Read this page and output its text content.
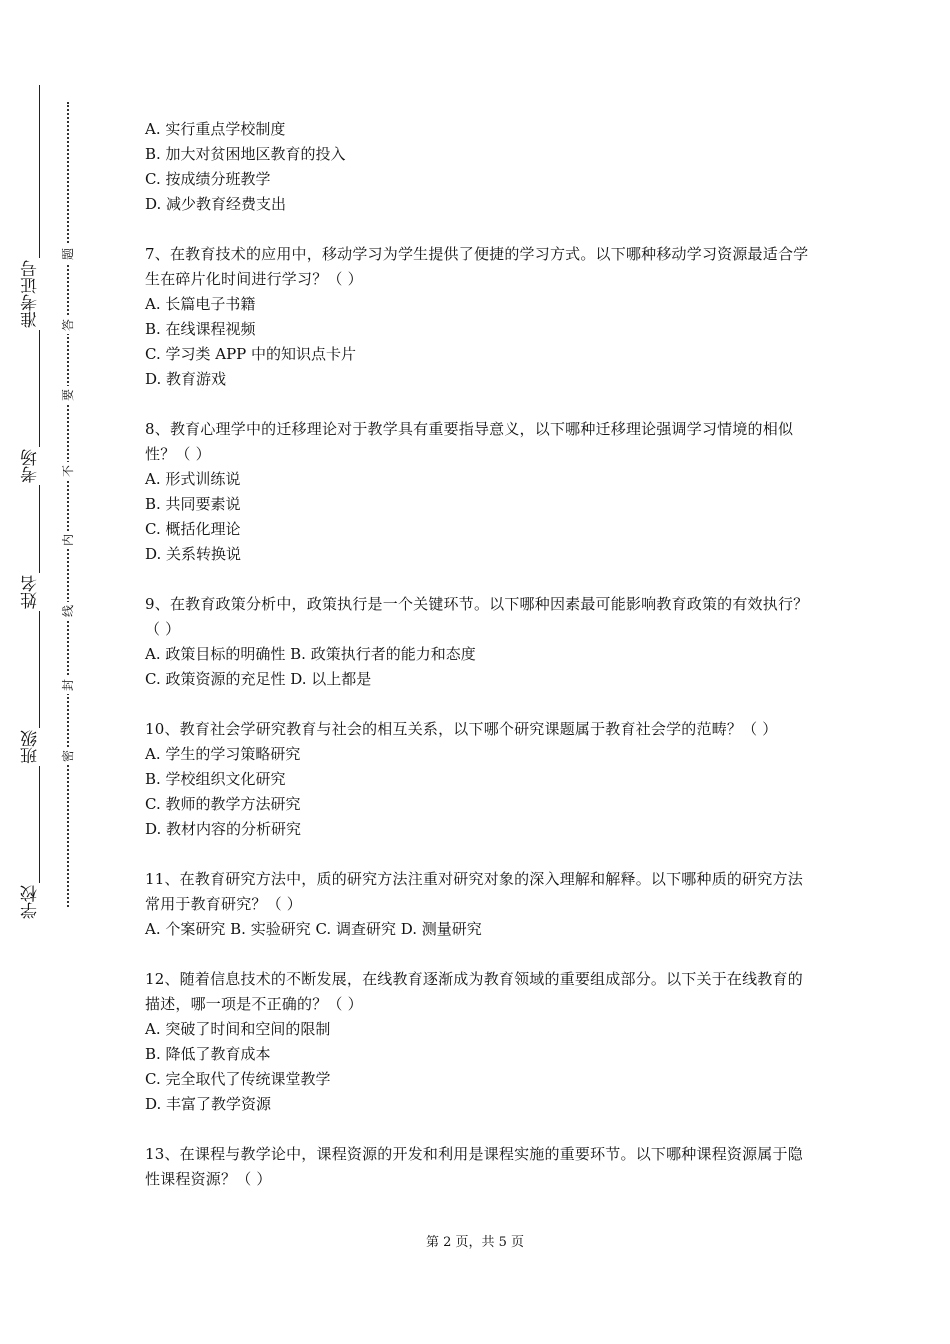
准考证号
考场
姓名
班级
学校
题
答
要
不
内
线
封
密
A. 实行重点学校制度
B. 加大对贫困地区教育的投入
C. 按成绩分班教学
D. 减少教育经费支出

7、在教育技术的应用中，移动学习为学生提供了便捷的学习方式。以下哪种移动学习资源最适合学生在碎片化时间进行学习？（ ）

A. 长篇电子书籍
B. 在线课程视频
C. 学习类 APP 中的知识点卡片
D. 教育游戏

8、教育心理学中的迁移理论对于教学具有重要指导意义，以下哪种迁移理论强调学习情境的相似性？（ ）

A. 形式训练说
B. 共同要素说
C. 概括化理论
D. 关系转换说

9、在教育政策分析中，政策执行是一个关键环节。以下哪种因素最可能影响教育政策的有效执行？（ ）

A. 政策目标的明确性 B. 政策执行者的能力和态度
C. 政策资源的充足性 D. 以上都是

10、教育社会学研究教育与社会的相互关系，以下哪个研究课题属于教育社会学的范畴？（ ）

A. 学生的学习策略研究
B. 学校组织文化研究
C. 教师的教学方法研究
D. 教材内容的分析研究

11、在教育研究方法中，质的研究方法注重对研究对象的深入理解和解释。以下哪种质的研究方法常用于教育研究？（ ）

A. 个案研究 B. 实验研究 C. 调查研究 D. 测量研究

12、随着信息技术的不断发展，在线教育逐渐成为教育领域的重要组成部分。以下关于在线教育的描述，哪一项是不正确的？（ ）

A. 突破了时间和空间的限制
B. 降低了教育成本
C. 完全取代了传统课堂教学
D. 丰富了教学资源

13、在课程与教学论中，课程资源的开发和利用是课程实施的重要环节。以下哪种课程资源属于隐性课程资源？（ ）

第 2 页，共 5 页
